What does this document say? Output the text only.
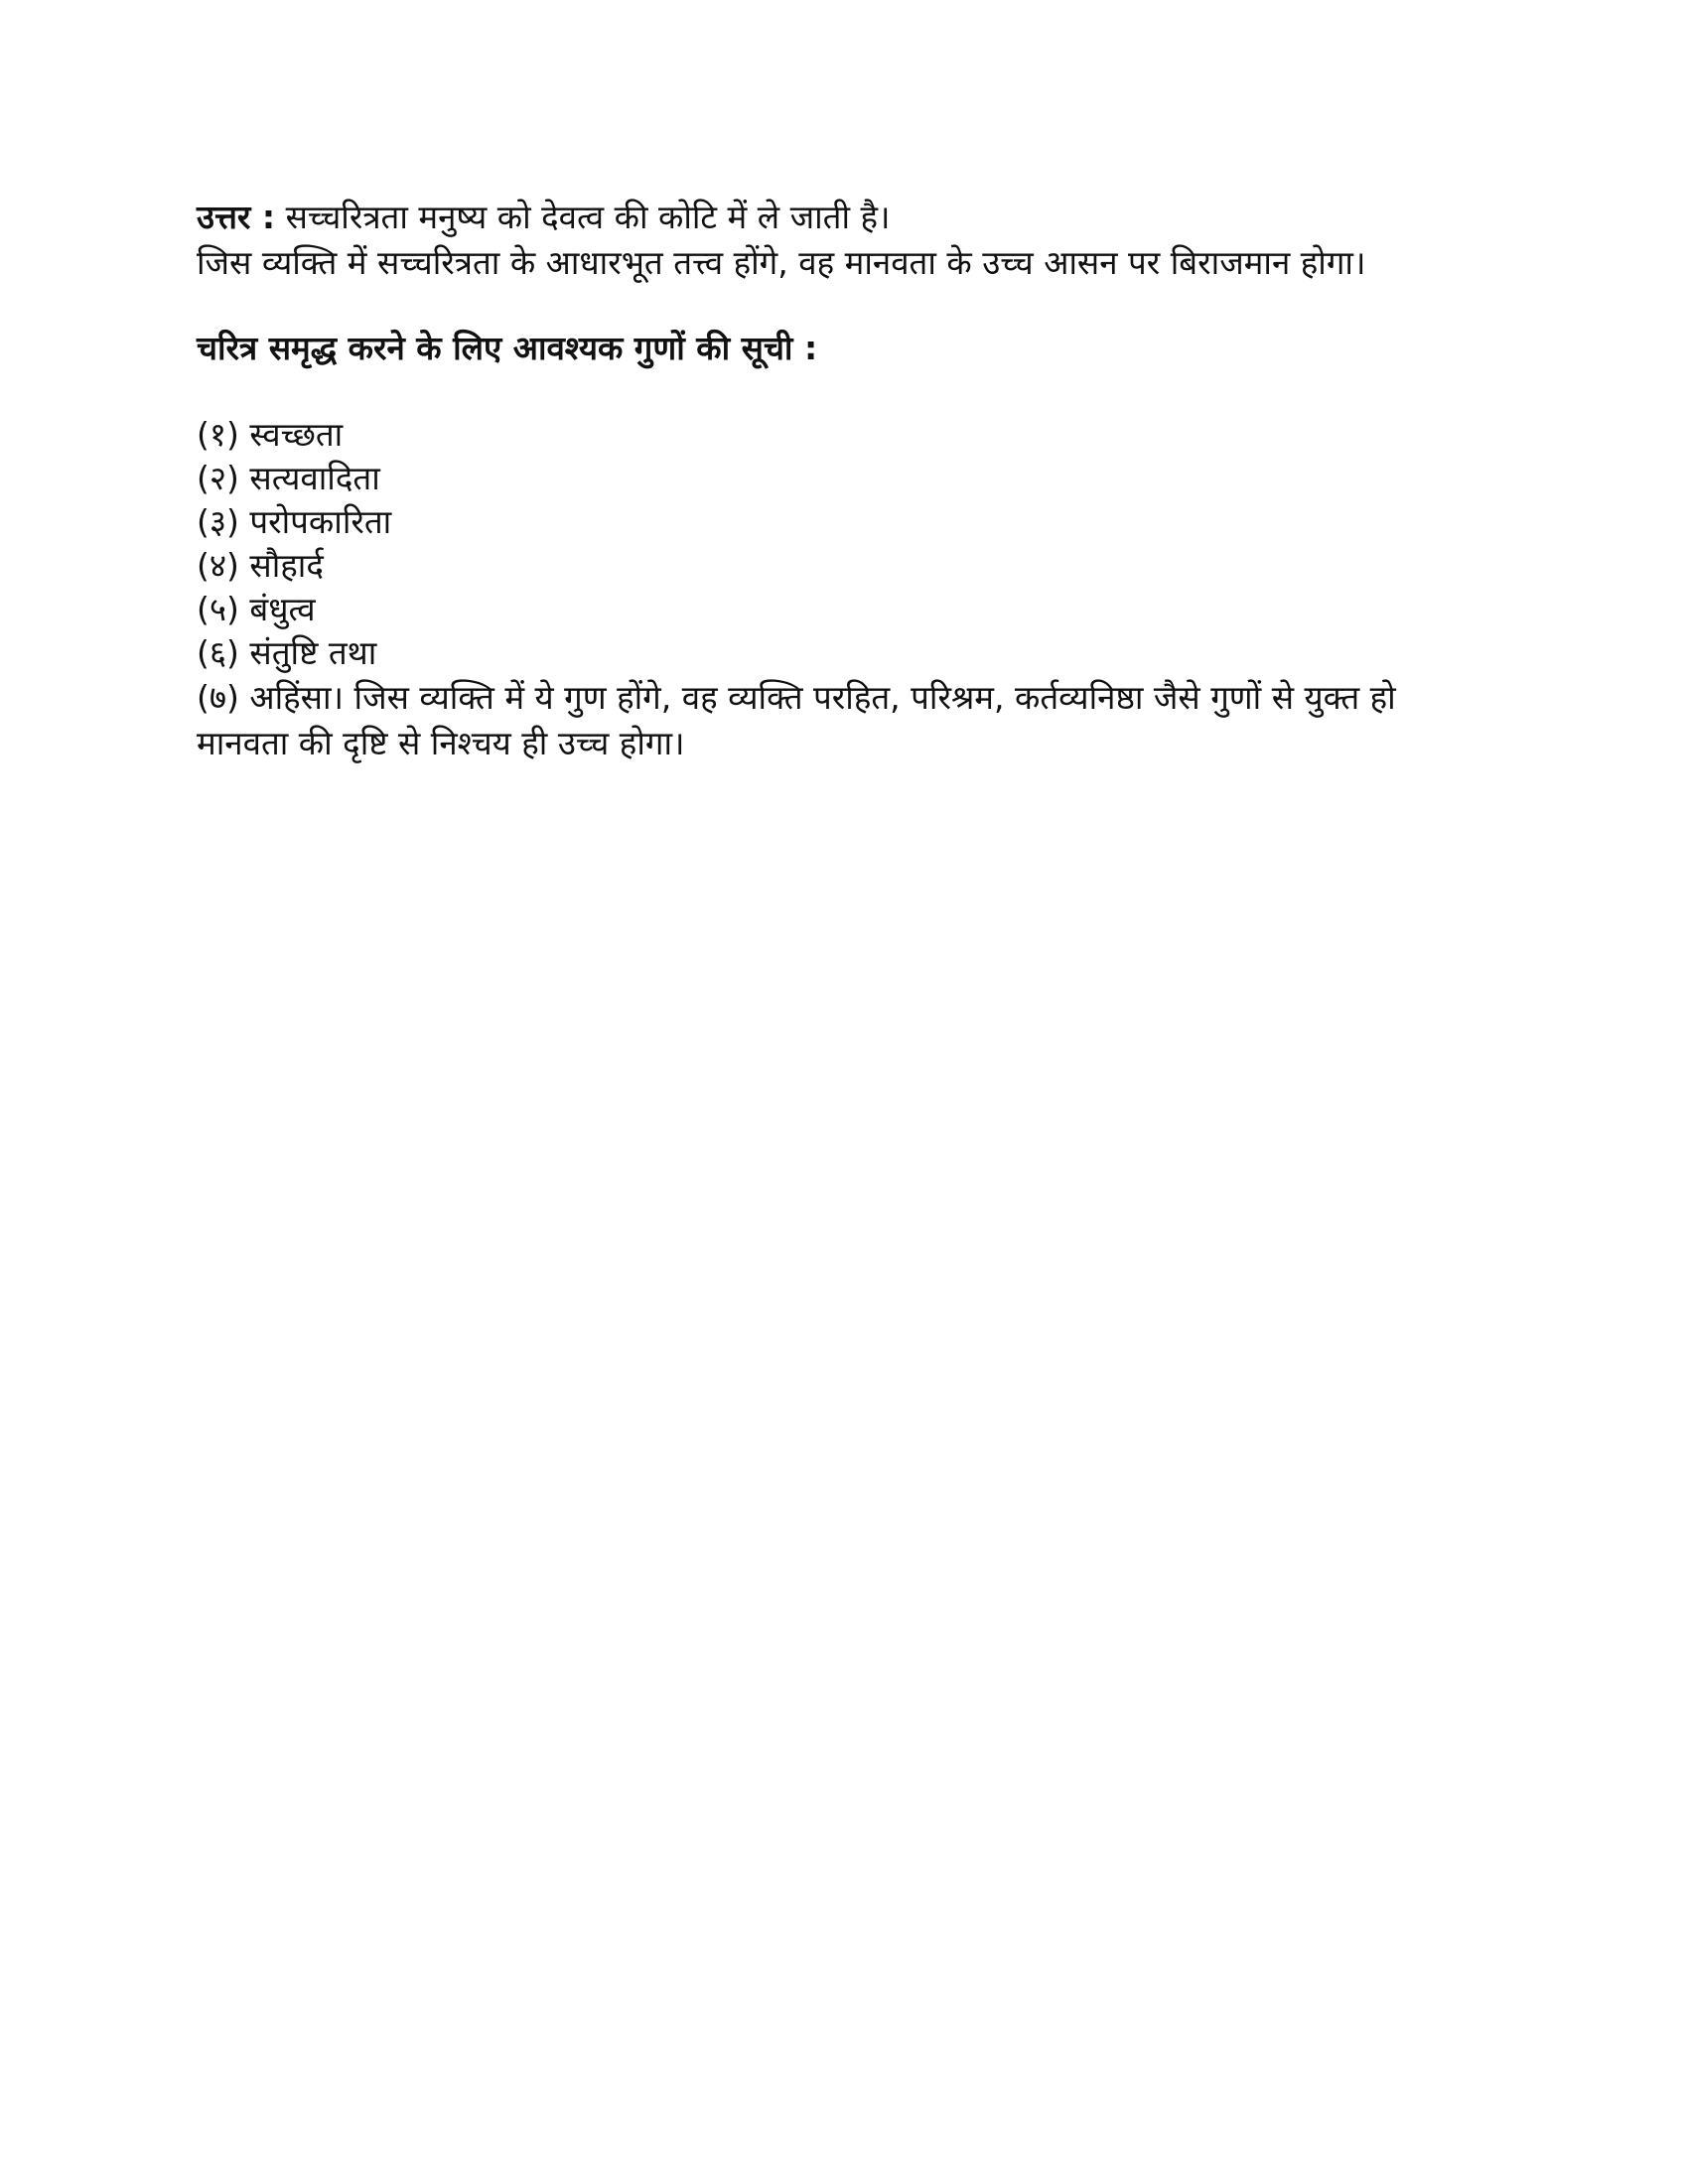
उत्तर : सच्चरित्रता मनुष्य को देवत्व की कोटि में ले जाती है।
जिस व्यक्ति में सच्चरित्रता के आधारभूत तत्त्व होंगे, वह मानवता के उच्च आसन पर बिराजमान होगा।
चरित्र समृद्ध करने के लिए आवश्यक गुणों की सूची :
(१) स्वच्छता
(२) सत्यवादिता
(३) परोपकारिता
(४) सौहार्द
(५) बंधुत्व
(६) संतुष्टि तथा
(७) अहिंसा। जिस व्यक्ति में ये गुण होंगे, वह व्यक्ति परहित, परिश्रम, कर्तव्यनिष्ठा जैसे गुणों से युक्त हो मानवता की दृष्टि से निश्चय ही उच्च होगा।
